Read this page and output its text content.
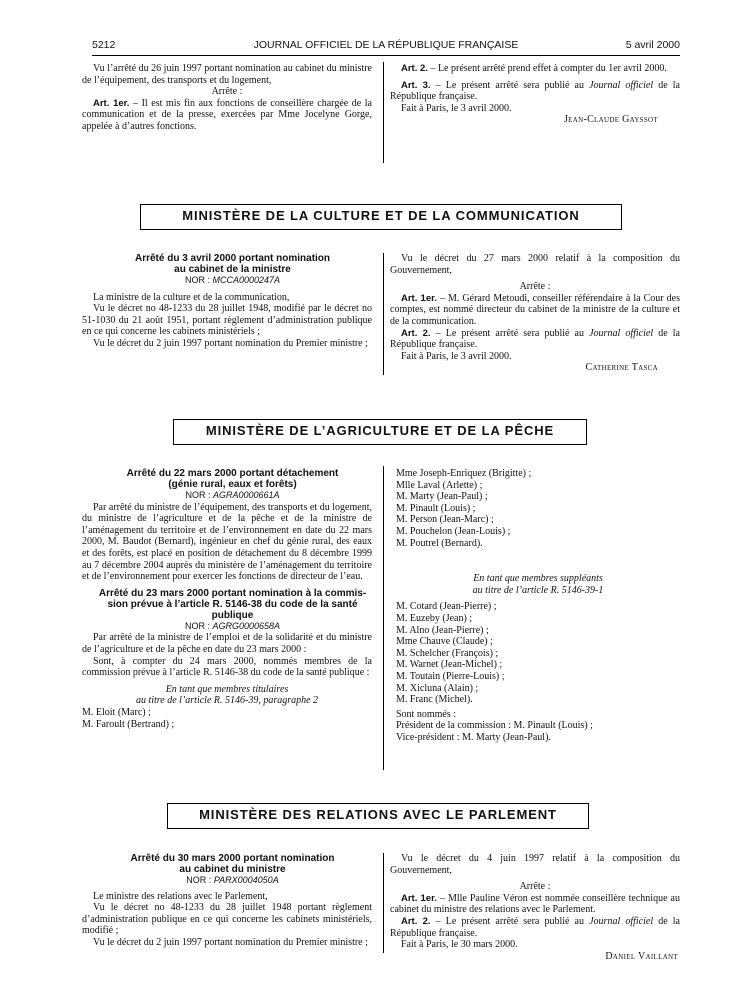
5212	JOURNAL OFFICIEL DE LA RÉPUBLIQUE FRANÇAISE	5 avril 2000

Vu l’arrêté du 26 juin 1997 portant nomination au cabinet du ministre de l’équipement, des transports et du logement,

Arrête :

Art. 1er. – Il est mis fin aux fonctions de conseillère chargée de la communication et de la presse, exercées par Mme Jocelyne Gorge, appelée à d’autres fonctions.

Art. 2. – Le présent arrêté prend effet à compter du 1er avril 2000.

Art. 3. – Le présent arrêté sera publié au Journal officiel de la République française.

Fait à Paris, le 3 avril 2000.

Jean-Claude Gayssot

MINISTÈRE DE LA CULTURE ET DE LA COMMUNICATION

Arrêté du 3 avril 2000 portant nomination

au cabinet de la ministre

NOR : MCCA0000247A

La ministre de la culture et de la communication,

Vu le décret no 48-1233 du 28 juillet 1948, modifié par le décret no 51-1030 du 21 août 1951, portant règlement d’administration publique en ce qui concerne les cabinets ministériels ;

Vu le décret du 2 juin 1997 portant nomination du Premier ministre ;

Vu le décret du 27 mars 2000 relatif à la composition du Gouvernement,

Arrête :

Art. 1er. – M. Gérard Metoudi, conseiller référendaire à la Cour des comptes, est nommé directeur du cabinet de la ministre de la culture et de la communication.

Art. 2. – Le présent arrêté sera publié au Journal officiel de la République française.

Fait à Paris, le 3 avril 2000.

Catherine Tasca

MINISTÈRE DE L’AGRICULTURE ET DE LA PÊCHE

Arrêté du 22 mars 2000 portant détachement

(génie rural, eaux et forêts)

NOR : AGRA0000661A

Par arrêté du ministre de l’équipement, des transports et du logement, du ministre de l’agriculture et de la pêche et de la ministre de l’aménagement du territoire et de l’environnement en date du 22 mars 2000, M. Baudot (Bernard), ingénieur en chef du génie rural, des eaux et des forêts, est placé en position de détachement du 8 décembre 1999 au 7 décembre 2004 auprès du ministère de l’aménagement du territoire et de l’environnement pour exercer les fonctions de directeur de l’eau.

Arrêté du 23 mars 2000 portant nomination à la commis-

sion prévue à l’article R. 5146-38 du code de la santé

publique

NOR : AGRG0000658A

Par arrêté de la ministre de l’emploi et de la solidarité et du ministre de l’agriculture et de la pêche en date du 23 mars 2000 :

Sont, à compter du 24 mars 2000, nommés membres de la commission prévue à l’article R. 5146-38 du code de la santé publique :

En tant que membres titulaires

au titre de l’article R. 5146-39, paragraphe 2

M. Eloit (Marc) ;

M. Faroult (Bertrand) ;

Mme Joseph-Enriquez (Brigitte) ;

Mlle Laval (Arlette) ;

M. Marty (Jean-Paul) ;

M. Pinault (Louis) ;

M. Person (Jean-Marc) ;

M. Pouchelon (Jean-Louis) ;

M. Poutrel (Bernard).

En tant que membres suppléants

au titre de l’article R. 5146-39-1

M. Cotard (Jean-Pierre) ;

M. Euzeby (Jean) ;

M. Alno (Jean-Pierre) ;

Mme Chauve (Claude) ;

M. Schelcher (François) ;

M. Warnet (Jean-Michel) ;

M. Toutain (Pierre-Louis) ;

M. Xicluna (Alain) ;

M. Franc (Michel).

Sont nommés :

Président de la commission : M. Pinault (Louis) ;

Vice-président : M. Marty (Jean-Paul).

MINISTÈRE DES RELATIONS AVEC LE PARLEMENT

Arrêté du 30 mars 2000 portant nomination

au cabinet du ministre

NOR : PARX0004050A

Le ministre des relations avec le Parlement,

Vu le décret no 48-1233 du 28 juillet 1948 portant règlement d’administration publique en ce qui concerne les cabinets ministériels, modifié ;

Vu le décret du 2 juin 1997 portant nomination du Premier ministre ;

Vu le décret du 4 juin 1997 relatif à la composition du Gouvernement,

Arrête :

Art. 1er. – Mlle Pauline Véron est nommée conseillère technique au cabinet du ministre des relations avec le Parlement.

Art. 2. – Le présent arrêté sera publié au Journal officiel de la République française.

Fait à Paris, le 30 mars 2000.

Daniel Vaillant
